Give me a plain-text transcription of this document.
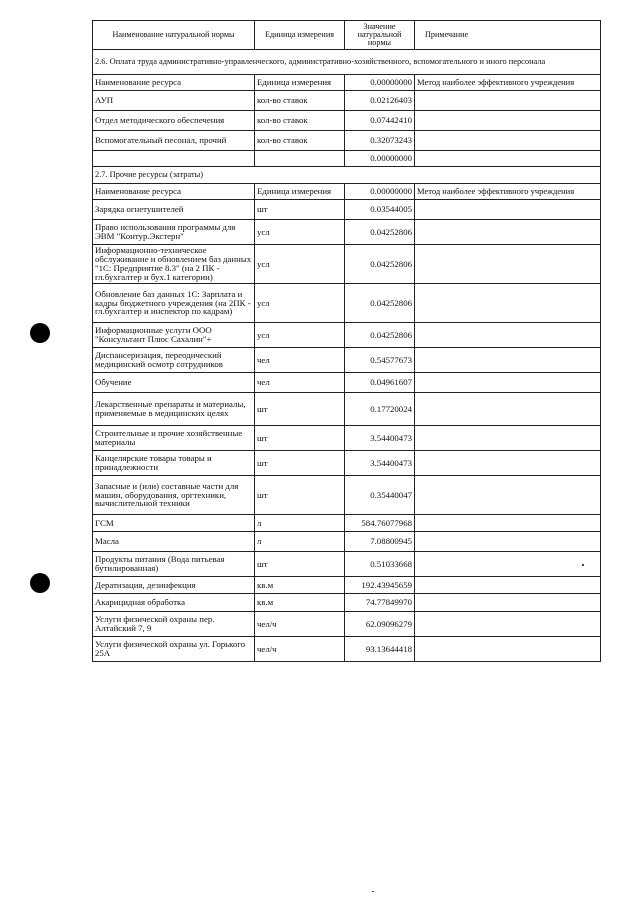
Наименование натуральной нормы	Единица измерения	Значение натуральной нормы	Примечание
2.6. Оплата труда административно-управленческого, административно-хозяйственного, вспомогательного и иного персонала			
Наименование ресурса	Единица измерения	0.00000000	Метод наиболее эффективного учреждения
АУП	кол-во ставок	0.02126403	
Отдел методического обеспечения	кол-во ставок	0.07442410	
Вспомогательный песонал, прочий	кол-во ставок	0.32073243	
		0.00000000	
2.7. Прочие ресурсы (затраты)			
Наименование ресурса	Единица измерения	0.00000000	Метод наиболее эффективного учреждения
Зарядка огнетушителей	шт	0.03544005	
Право использования программы для ЭВМ "Контур.Экстерн"	усл	0.04252806	
Информационно-техническое обслуживание и обновлением баз данных "1С: Предприятие 8.3" (на 2 ПК - гл.бухгалтер и бух.1 категории)	усл	0.04252806	
Обновление баз данных 1С: Зарплата и кадры бюджетного учреждения (на 2ПК - гл.бухгалтер и инспектор по кадрам)	усл	0.04252806	
Информационные услуги ООО "Консультант Плюс Сахалин"+	усл	0.04252806	
Диспансеризация, переодический медицинский осмотр сотрудников	чел	0.54577673	
Обучение	чел	0.04961607	
Лекарственные препараты и материалы, применяемые в медицинских целях	шт	0.17720024	
Строительные и прочие хозяйственные материалы	шт	3.54400473	
Канцелярские товары товары и принадлежности	шт	3.54400473	
Запасные и (или) составные части для машин, оборудования, оргтехники, вычислительной техники	шт	0.35440047	
ГСМ	л	584.76077968	
Масла	л	7.08800945	
Продукты питания (Вода питьевая бутилированная)	шт	0.51033668	
Дератизация, дезинфекция	кв.м	192.43945659	
Акарицидная обработка	кв.м	74.77849970	
Услуги физической охраны пер. Алтайский 7, 9	чел/ч	62.09096279	
Услуги физической охраны ул. Горького 25А	чел/ч	93.13644418	
